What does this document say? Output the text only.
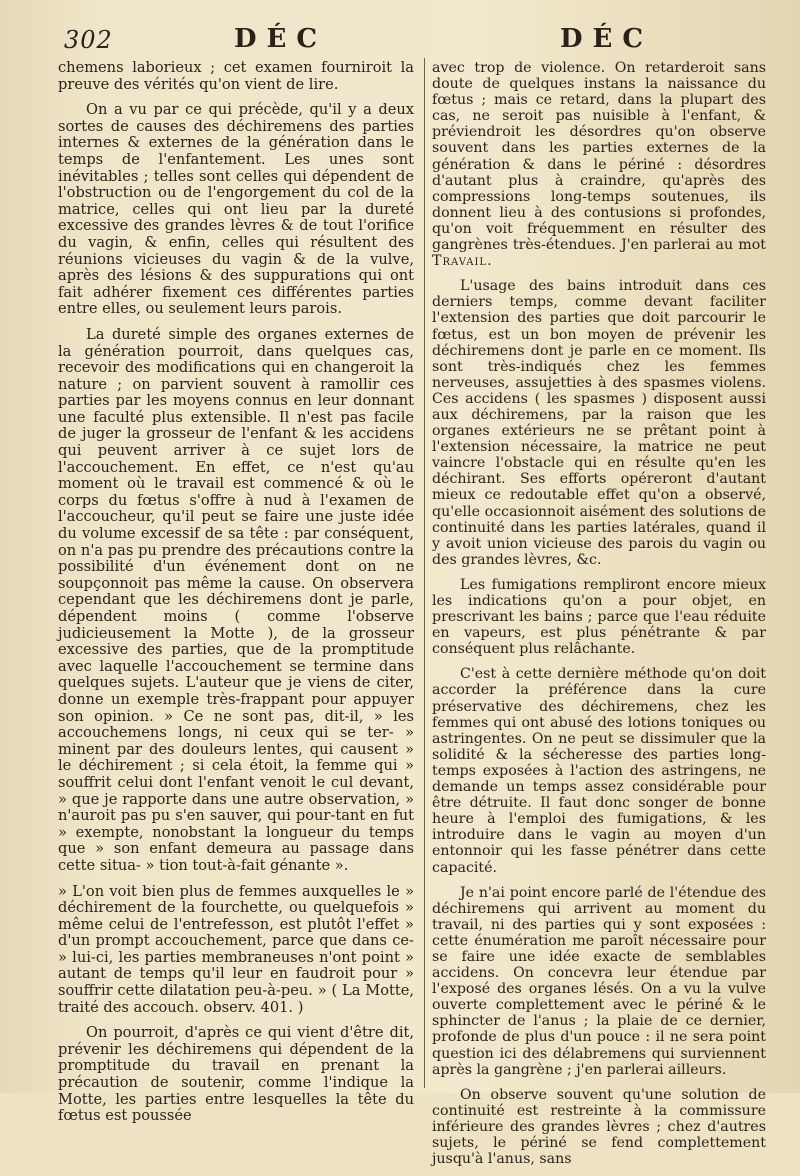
302	DÉC	DÉC

chemens laborieux ; cet examen fourniroit la preuve des vérités qu'on vient de lire.

On a vu par ce qui précède, qu'il y a deux sortes de causes des déchiremens des parties internes & externes de la génération dans le temps de l'enfantement. Les unes sont inévitables ; telles sont celles qui dépendent de l'obstruction ou de l'engorgement du col de la matrice, celles qui ont lieu par la dureté excessive des grandes lèvres & de tout l'orifice du vagin, & enfin, celles qui résultent des réunions vicieuses du vagin & de la vulve, après des lésions & des suppurations qui ont fait adhérer fixement ces différentes parties entre elles, ou seulement leurs parois.

La dureté simple des organes externes de la génération pourroit, dans quelques cas, recevoir des modifications qui en changeroit la nature ; on parvient souvent à ramollir ces parties par les moyens connus en leur donnant une faculté plus extensible. Il n'est pas facile de juger la grosseur de l'enfant & les accidens qui peuvent arriver à ce sujet lors de l'accouchement. En effet, ce n'est qu'au moment où le travail est commencé & où le corps du fœtus s'offre à nud à l'examen de l'accoucheur, qu'il peut se faire une juste idée du volume excessif de sa tête : par conséquent, on n'a pas pu prendre des précautions contre la possibilité d'un événement dont on ne soupçonnoit pas même la cause. On observera cependant que les déchiremens dont je parle, dépendent moins ( comme l'observe judicieusement la Motte ), de la grosseur excessive des parties, que de la promptitude avec laquelle l'accouchement se termine dans quelques sujets. L'auteur que je viens de citer, donne un exemple très-frappant pour appuyer son opinion. » Ce ne sont pas, dit-il, » les accouchemens longs, ni ceux qui se ter- » minent par des douleurs lentes, qui causent » le déchirement ; si cela étoit, la femme qui » souffrit celui dont l'enfant venoit le cul devant, » que je rapporte dans une autre observation, » n'auroit pas pu s'en sauver, qui pour-tant en fut » exempte, nonobstant la longueur du temps que » son enfant demeura au passage dans cette situa- » tion tout-à-fait génante ».

» L'on voit bien plus de femmes auxquelles le » déchirement de la fourchette, ou quelquefois » même celui de l'entrefesson, est plutôt l'effet » d'un prompt accouchement, parce que dans ce- » lui-ci, les parties membraneuses n'ont point » autant de temps qu'il leur en faudroit pour » souffrir cette dilatation peu-à-peu. » ( La Motte, traité des accouch. observ. 401. )

On pourroit, d'après ce qui vient d'être dit, prévenir les déchiremens qui dépendent de la promptitude du travail en prenant la précaution de soutenir, comme l'indique la Motte, les parties entre lesquelles la tête du fœtus est poussée

avec trop de violence. On retarderoit sans doute de quelques instans la naissance du fœtus ; mais ce retard, dans la plupart des cas, ne seroit pas nuisible à l'enfant, & préviendroit les désordres qu'on observe souvent dans les parties externes de la génération & dans le périné : désordres d'autant plus à craindre, qu'après des compressions long-temps soutenues, ils donnent lieu à des contusions si profondes, qu'on voit fréquemment en résulter des gangrènes très-étendues. J'en parlerai au mot Travail.

L'usage des bains introduit dans ces derniers temps, comme devant faciliter l'extension des parties que doit parcourir le fœtus, est un bon moyen de prévenir les déchiremens dont je parle en ce moment. Ils sont très-indiqués chez les femmes nerveuses, assujetties à des spasmes violens. Ces accidens ( les spasmes ) disposent aussi aux déchiremens, par la raison que les organes extérieurs ne se prêtant point à l'extension nécessaire, la matrice ne peut vaincre l'obstacle qui en résulte qu'en les déchirant. Ses efforts opéreront d'autant mieux ce redoutable effet qu'on a observé, qu'elle occasionnoit aisément des solutions de continuité dans les parties latérales, quand il y avoit union vicieuse des parois du vagin ou des grandes lèvres, &c.

Les fumigations rempliront encore mieux les indications qu'on a pour objet, en prescrivant les bains ; parce que l'eau réduite en vapeurs, est plus pénétrante & par conséquent plus relâchante.

C'est à cette dernière méthode qu'on doit accorder la préférence dans la cure préservative des déchiremens, chez les femmes qui ont abusé des lotions toniques ou astringentes. On ne peut se dissimuler que la solidité & la sécheresse des parties long-temps exposées à l'action des astringens, ne demande un temps assez considérable pour être détruite. Il faut donc songer de bonne heure à l'emploi des fumigations, & les introduire dans le vagin au moyen d'un entonnoir qui les fasse pénétrer dans cette capacité.

Je n'ai point encore parlé de l'étendue des déchiremens qui arrivent au moment du travail, ni des parties qui y sont exposées : cette énumération me paroît nécessaire pour se faire une idée exacte de semblables accidens. On concevra leur étendue par l'exposé des organes lésés. On a vu la vulve ouverte complettement avec le périné & le sphincter de l'anus ; la plaie de ce dernier, profonde de plus d'un pouce : il ne sera point question ici des délabremens qui surviennent après la gangrène ; j'en parlerai ailleurs.

On observe souvent qu'une solution de continuité est restreinte à la commissure inférieure des grandes lèvres ; chez d'autres sujets, le périné se fend complettement jusqu'à l'anus, sans
